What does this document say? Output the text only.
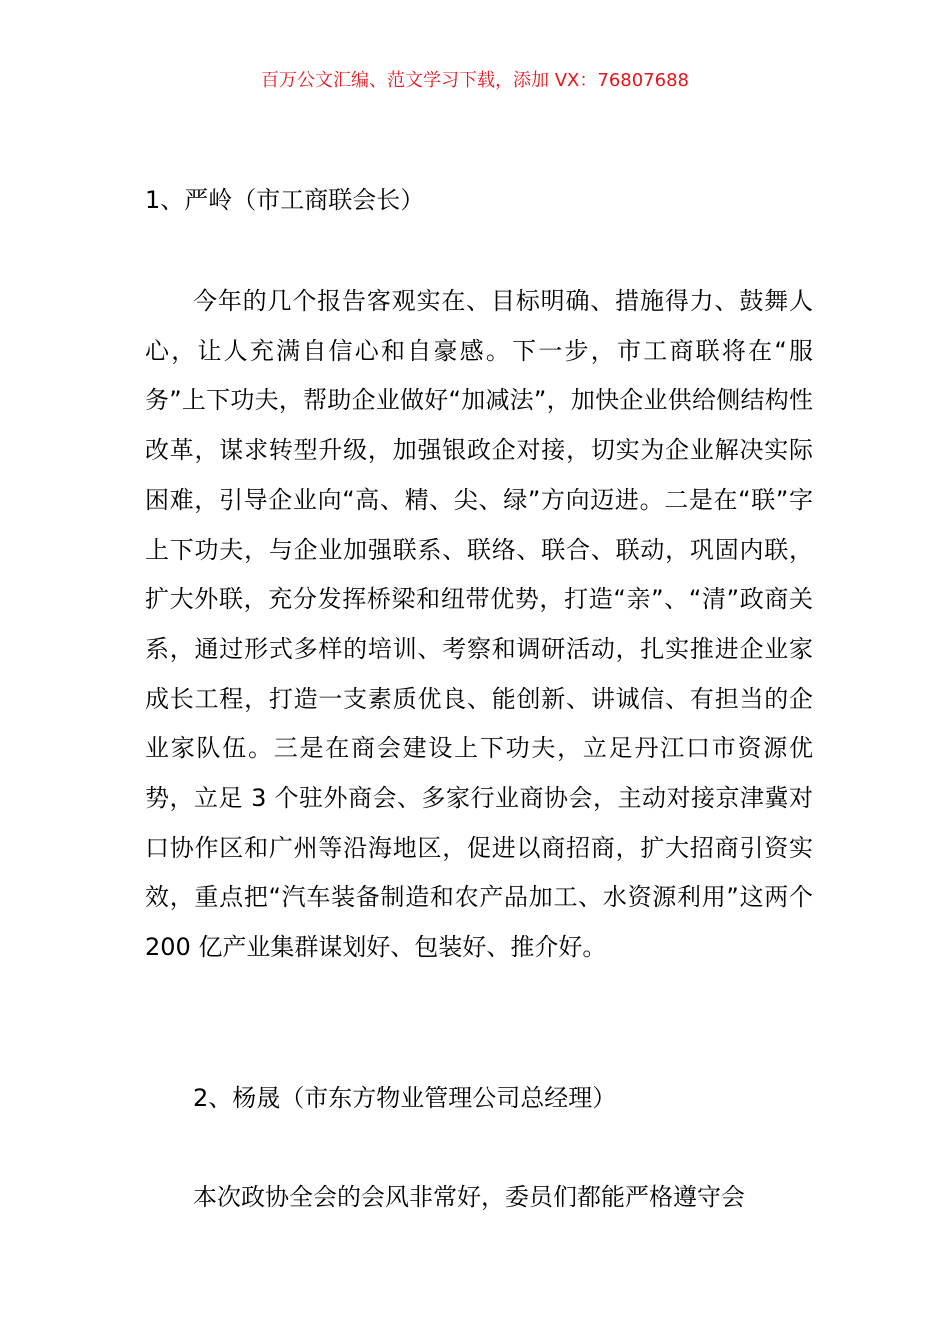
百万公文汇编、范文学习下载，添加 VX：76807688
1、严岭（市工商联会长）
今年的几个报告客观实在、目标明确、措施得力、鼓舞人心，让人充满自信心和自豪感。下一步，市工商联将在“服务”上下功夫，帮助企业做好“加减法”，加快企业供给侧结构性改革，谋求转型升级，加强银政企对接，切实为企业解决实际困难，引导企业向“高、精、尖、绿”方向迈进。二是在“联”字上下功夫，与企业加强联系、联络、联合、联动，巩固内联，扩大外联，充分发挥桥梁和纽带优势，打造“亲”、“清”政商关系，通过形式多样的培训、考察和调研活动，扎实推进企业家成长工程，打造一支素质优良、能创新、讲诚信、有担当的企业家队伍。三是在商会建设上下功夫，立足丹江口市资源优势，立足 3 个驻外商会、多家行业商协会，主动对接京津冀对口协作区和广州等沿海地区，促进以商招商，扩大招商引资实效，重点把“汽车装备制造和农产品加工、水资源利用”这两个 200 亿产业集群谋划好、包装好、推介好。
2、杨晟（市东方物业管理公司总经理）
本次政协全会的会风非常好，委员们都能严格遵守会
